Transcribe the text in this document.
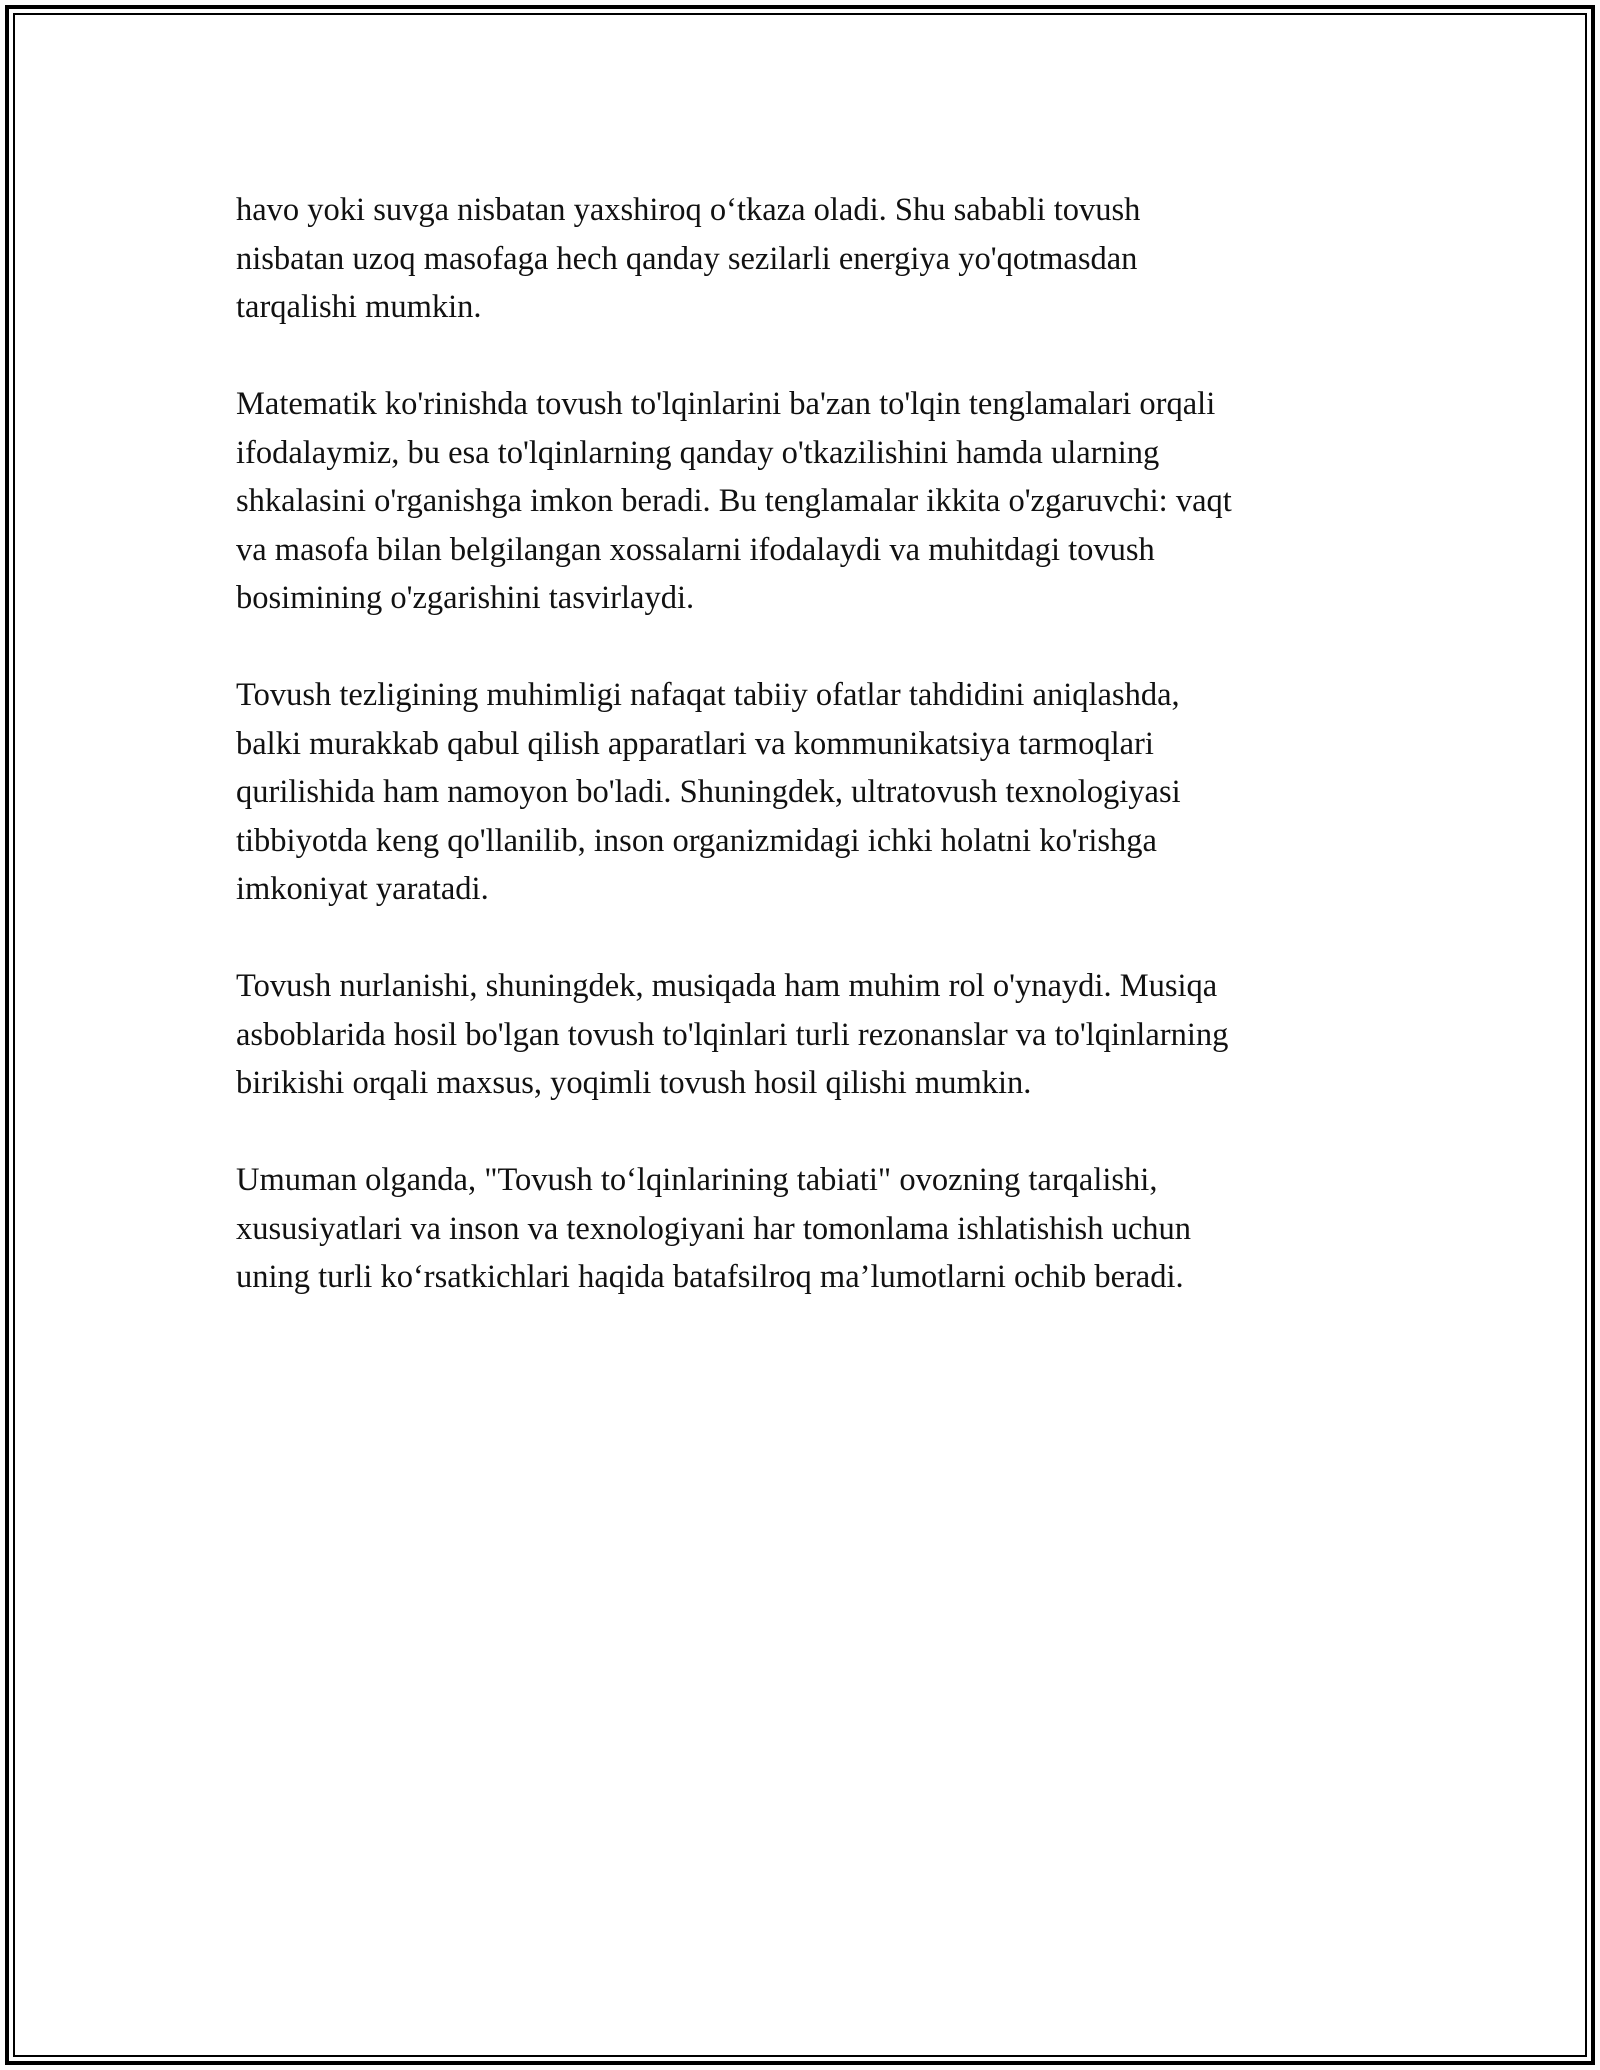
havo yoki suvga nisbatan yaxshiroq o‘tkaza oladi. Shu sababli tovush
nisbatan uzoq masofaga hech qanday sezilarli energiya yo'qotmasdan
tarqalishi mumkin.

Matematik ko'rinishda tovush to'lqinlarini ba'zan to'lqin tenglamalari orqali
ifodalaymiz, bu esa to'lqinlarning qanday o'tkazilishini hamda ularning
shkalasini o'rganishga imkon beradi. Bu tenglamalar ikkita o'zgaruvchi: vaqt
va masofa bilan belgilangan xossalarni ifodalaydi va muhitdagi tovush
bosimining o'zgarishini tasvirlaydi.

Tovush tezligining muhimligi nafaqat tabiiy ofatlar tahdidini aniqlashda,
balki murakkab qabul qilish apparatlari va kommunikatsiya tarmoqlari
qurilishida ham namoyon bo'ladi. Shuningdek, ultratovush texnologiyasi
tibbiyotda keng qo'llanilib, inson organizmidagi ichki holatni ko'rishga
imkoniyat yaratadi.

Tovush nurlanishi, shuningdek, musiqada ham muhim rol o'ynaydi. Musiqa
asboblarida hosil bo'lgan tovush to'lqinlari turli rezonanslar va to'lqinlarning
birikishi orqali maxsus, yoqimli tovush hosil qilishi mumkin.

Umuman olganda, "Tovush to‘lqinlarining tabiati" ovozning tarqalishi,
xususiyatlari va inson va texnologiyani har tomonlama ishlatishish uchun
uning turli ko‘rsatkichlari haqida batafsilroq ma’lumotlarni ochib beradi.
